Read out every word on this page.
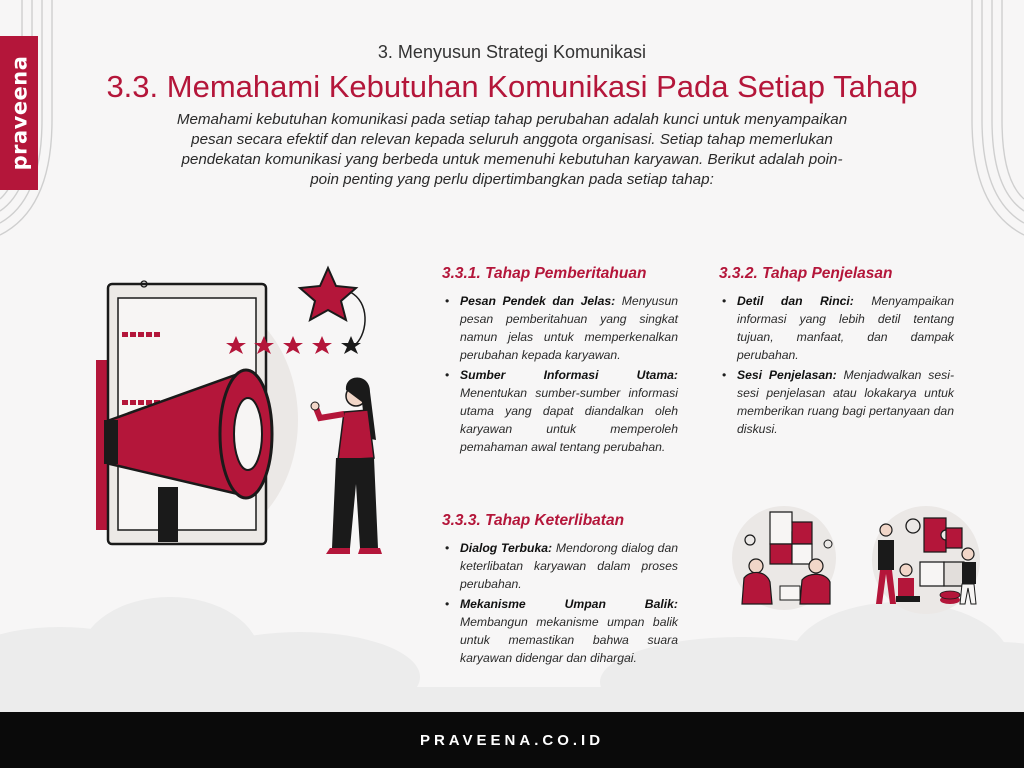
praveena
3. Menyusun Strategi Komunikasi
3.3. Memahami Kebutuhan Komunikasi Pada Setiap Tahap

Memahami kebutuhan komunikasi pada setiap tahap perubahan adalah kunci untuk menyampaikan pesan secara efektif dan relevan kepada seluruh anggota organisasi. Setiap tahap memerlukan pendekatan komunikasi yang berbeda untuk memenuhi kebutuhan karyawan. Berikut adalah poin-poin penting yang perlu dipertimbangkan pada setiap tahap:

3.3.1. Tahap Pemberitahuan
• Pesan Pendek dan Jelas: Menyusun pesan pemberitahuan yang singkat namun jelas untuk memperkenalkan perubahan kepada karyawan.
• Sumber Informasi Utama: Menentukan sumber-sumber informasi utama yang dapat diandalkan oleh karyawan untuk memperoleh pemahaman awal tentang perubahan.
3.3.2. Tahap Penjelasan
• Detil dan Rinci: Menyampaikan informasi yang lebih detil tentang tujuan, manfaat, dan dampak perubahan.
• Sesi Penjelasan: Menjadwalkan sesi-sesi penjelasan atau lokakarya untuk memberikan ruang bagi pertanyaan dan diskusi.
3.3.3. Tahap Keterlibatan
• Dialog Terbuka: Mendorong dialog dan keterlibatan karyawan dalam proses perubahan.
• Mekanisme Umpan Balik: Membangun mekanisme umpan balik untuk memastikan bahwa suara karyawan didengar dan dihargai.
PRAVEENA.CO.ID
